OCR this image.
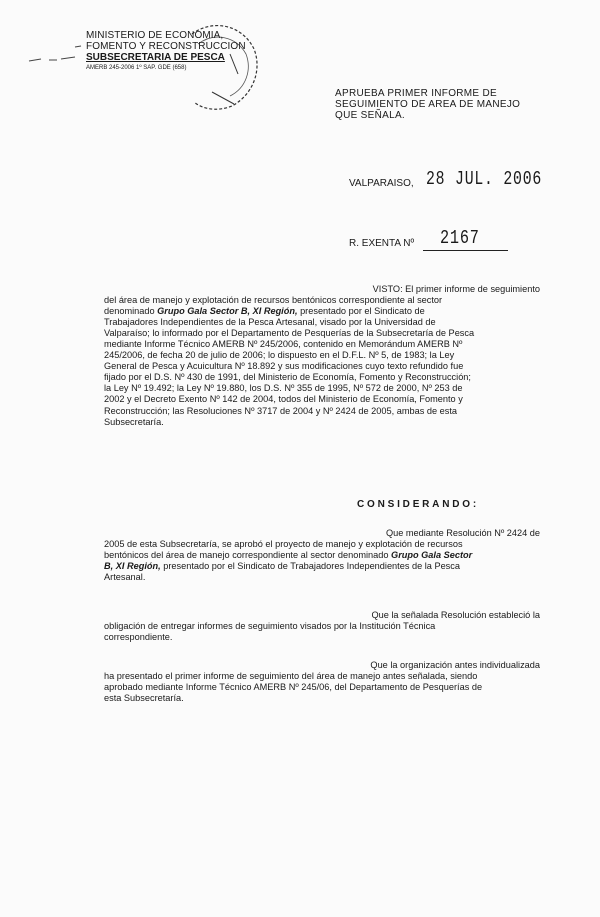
MINISTERIO DE ECONOMIA,
FOMENTO Y RECONSTRUCCION
SUBSECRETARIA DE PESCA
AMERB 245-2006 1º SAP. GDE (658)
APRUEBA PRIMER INFORME DE
SEGUIMIENTO DE AREA DE MANEJO
QUE SEÑALA.
VALPARAISO, 28 JUL. 2006
R. EXENTA Nº 2167
VISTO: El primer informe de seguimiento
del área de manejo y explotación de recursos bentónicos correspondiente al sector
denominado Grupo Gala Sector B, XI Región, presentado por el Sindicato de
Trabajadores Independientes de la Pesca Artesanal, visado por la Universidad de
Valparaíso; lo informado por el Departamento de Pesquerías de la Subsecretaría de Pesca
mediante Informe Técnico AMERB Nº 245/2006, contenido en Memorándum AMERB Nº
245/2006, de fecha 20 de julio de 2006; lo dispuesto en el D.F.L. Nº 5, de 1983; la Ley
General de Pesca y Acuicultura Nº 18.892 y sus modificaciones cuyo texto refundido fue
fijado por el D.S. Nº 430 de 1991, del Ministerio de Economía, Fomento y Reconstrucción;
la Ley Nº 19.492; la Ley Nº 19.880, los D.S. Nº 355 de 1995, Nº 572 de 2000, Nº 253 de
2002 y el Decreto Exento Nº 142 de 2004, todos del Ministerio de Economía, Fomento y
Reconstrucción; las Resoluciones Nº 3717 de 2004 y Nº 2424 de 2005, ambas de esta
Subsecretaría.
CONSIDERANDO:
Que mediante Resolución Nº 2424 de
2005 de esta Subsecretaría, se aprobó el proyecto de manejo y explotación de recursos
bentónicos del área de manejo correspondiente al sector denominado Grupo Gala Sector
B, XI Región, presentado por el Sindicato de Trabajadores Independientes de la Pesca
Artesanal.
Que la señalada Resolución estableció la
obligación de entregar informes de seguimiento visados por la Institución Técnica
correspondiente.
Que la organización antes individualizada
ha presentado el primer informe de seguimiento del área de manejo antes señalada, siendo
aprobado mediante Informe Técnico AMERB Nº 245/06, del Departamento de Pesquerías de
esta Subsecretaría.
